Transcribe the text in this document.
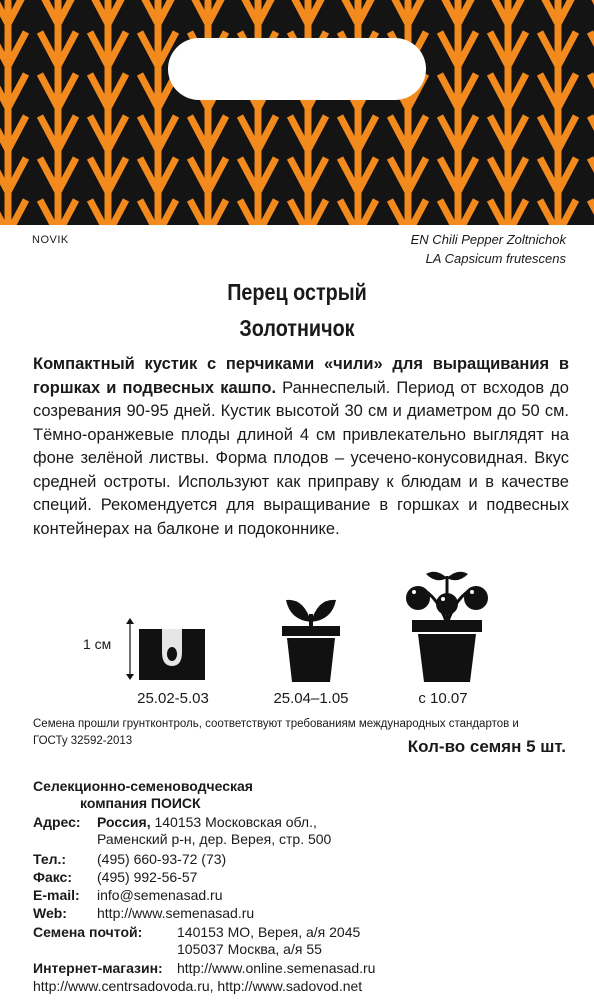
NOVIK	EN Chili Pepper Zoltnichok
LA Capsicum frutescens
Перец острый
Золотничок
Компактный кустик с перчиками «чили» для выращивания в горшках и подвесных кашпо. Раннеспелый. Период от всходов до созревания 90-95 дней. Кустик высотой 30 см и диаметром до 50 см. Тёмно-оранжевые плоды длиной 4 см привлекательно выглядят на фоне зелёной листвы. Форма плодов – усечено-конусовидная. Вкус средней остроты. Используют как приправу к блюдам и в качестве специй. Рекомендуется для выращивание в горшках и подвесных контейнерах на балконе и подоконнике.
1 см
25.02-5.03	25.04–1.05	с 10.07
Семена прошли грунтконтроль, соответствуют требованиям международных стандартов и ГОСТу 32592-2013	Кол-во семян 5 шт.
Селекционно-семеноводческая
компания ПОИСК
Адрес: Россия, 140153 Московская обл.,
Раменский р-н, дер. Верея, стр. 500
Тел.: (495) 660-93-72 (73)
Факс: (495) 992-56-57
E-mail: info@semenasad.ru
Web: http://www.semenasad.ru
Семена почтой: 140153 МО, Верея, а/я 2045
105037 Москва, а/я 55
Интернет-магазин: http://www.online.semenasad.ru
http://www.centrsadovoda.ru, http://www.sadovod.net
